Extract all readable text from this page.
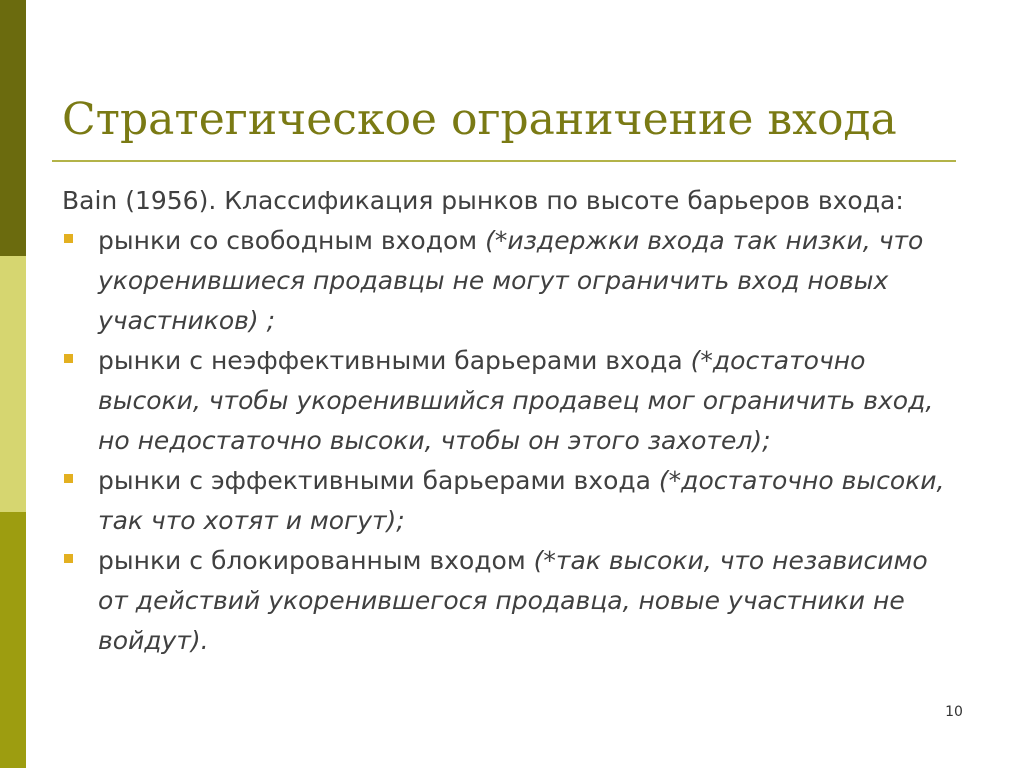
Стратегическое ограничение входа

Bain (1956). Классификация рынков по высоте барьеров входа:

рынки со свободным входом (*издержки входа так низки, что укоренившиеся продавцы не могут ограничить вход новых участников) ;
рынки с неэффективными барьерами входа (*достаточно высоки, чтобы укоренившийся продавец мог ограничить вход, но недостаточно высоки, чтобы он этого захотел);
рынки с эффективными барьерами входа (*достаточно высоки, так что хотят и могут);
рынки с блокированным входом (*так высоки, что независимо от действий укоренившегося продавца, новые участники не войдут).
10
